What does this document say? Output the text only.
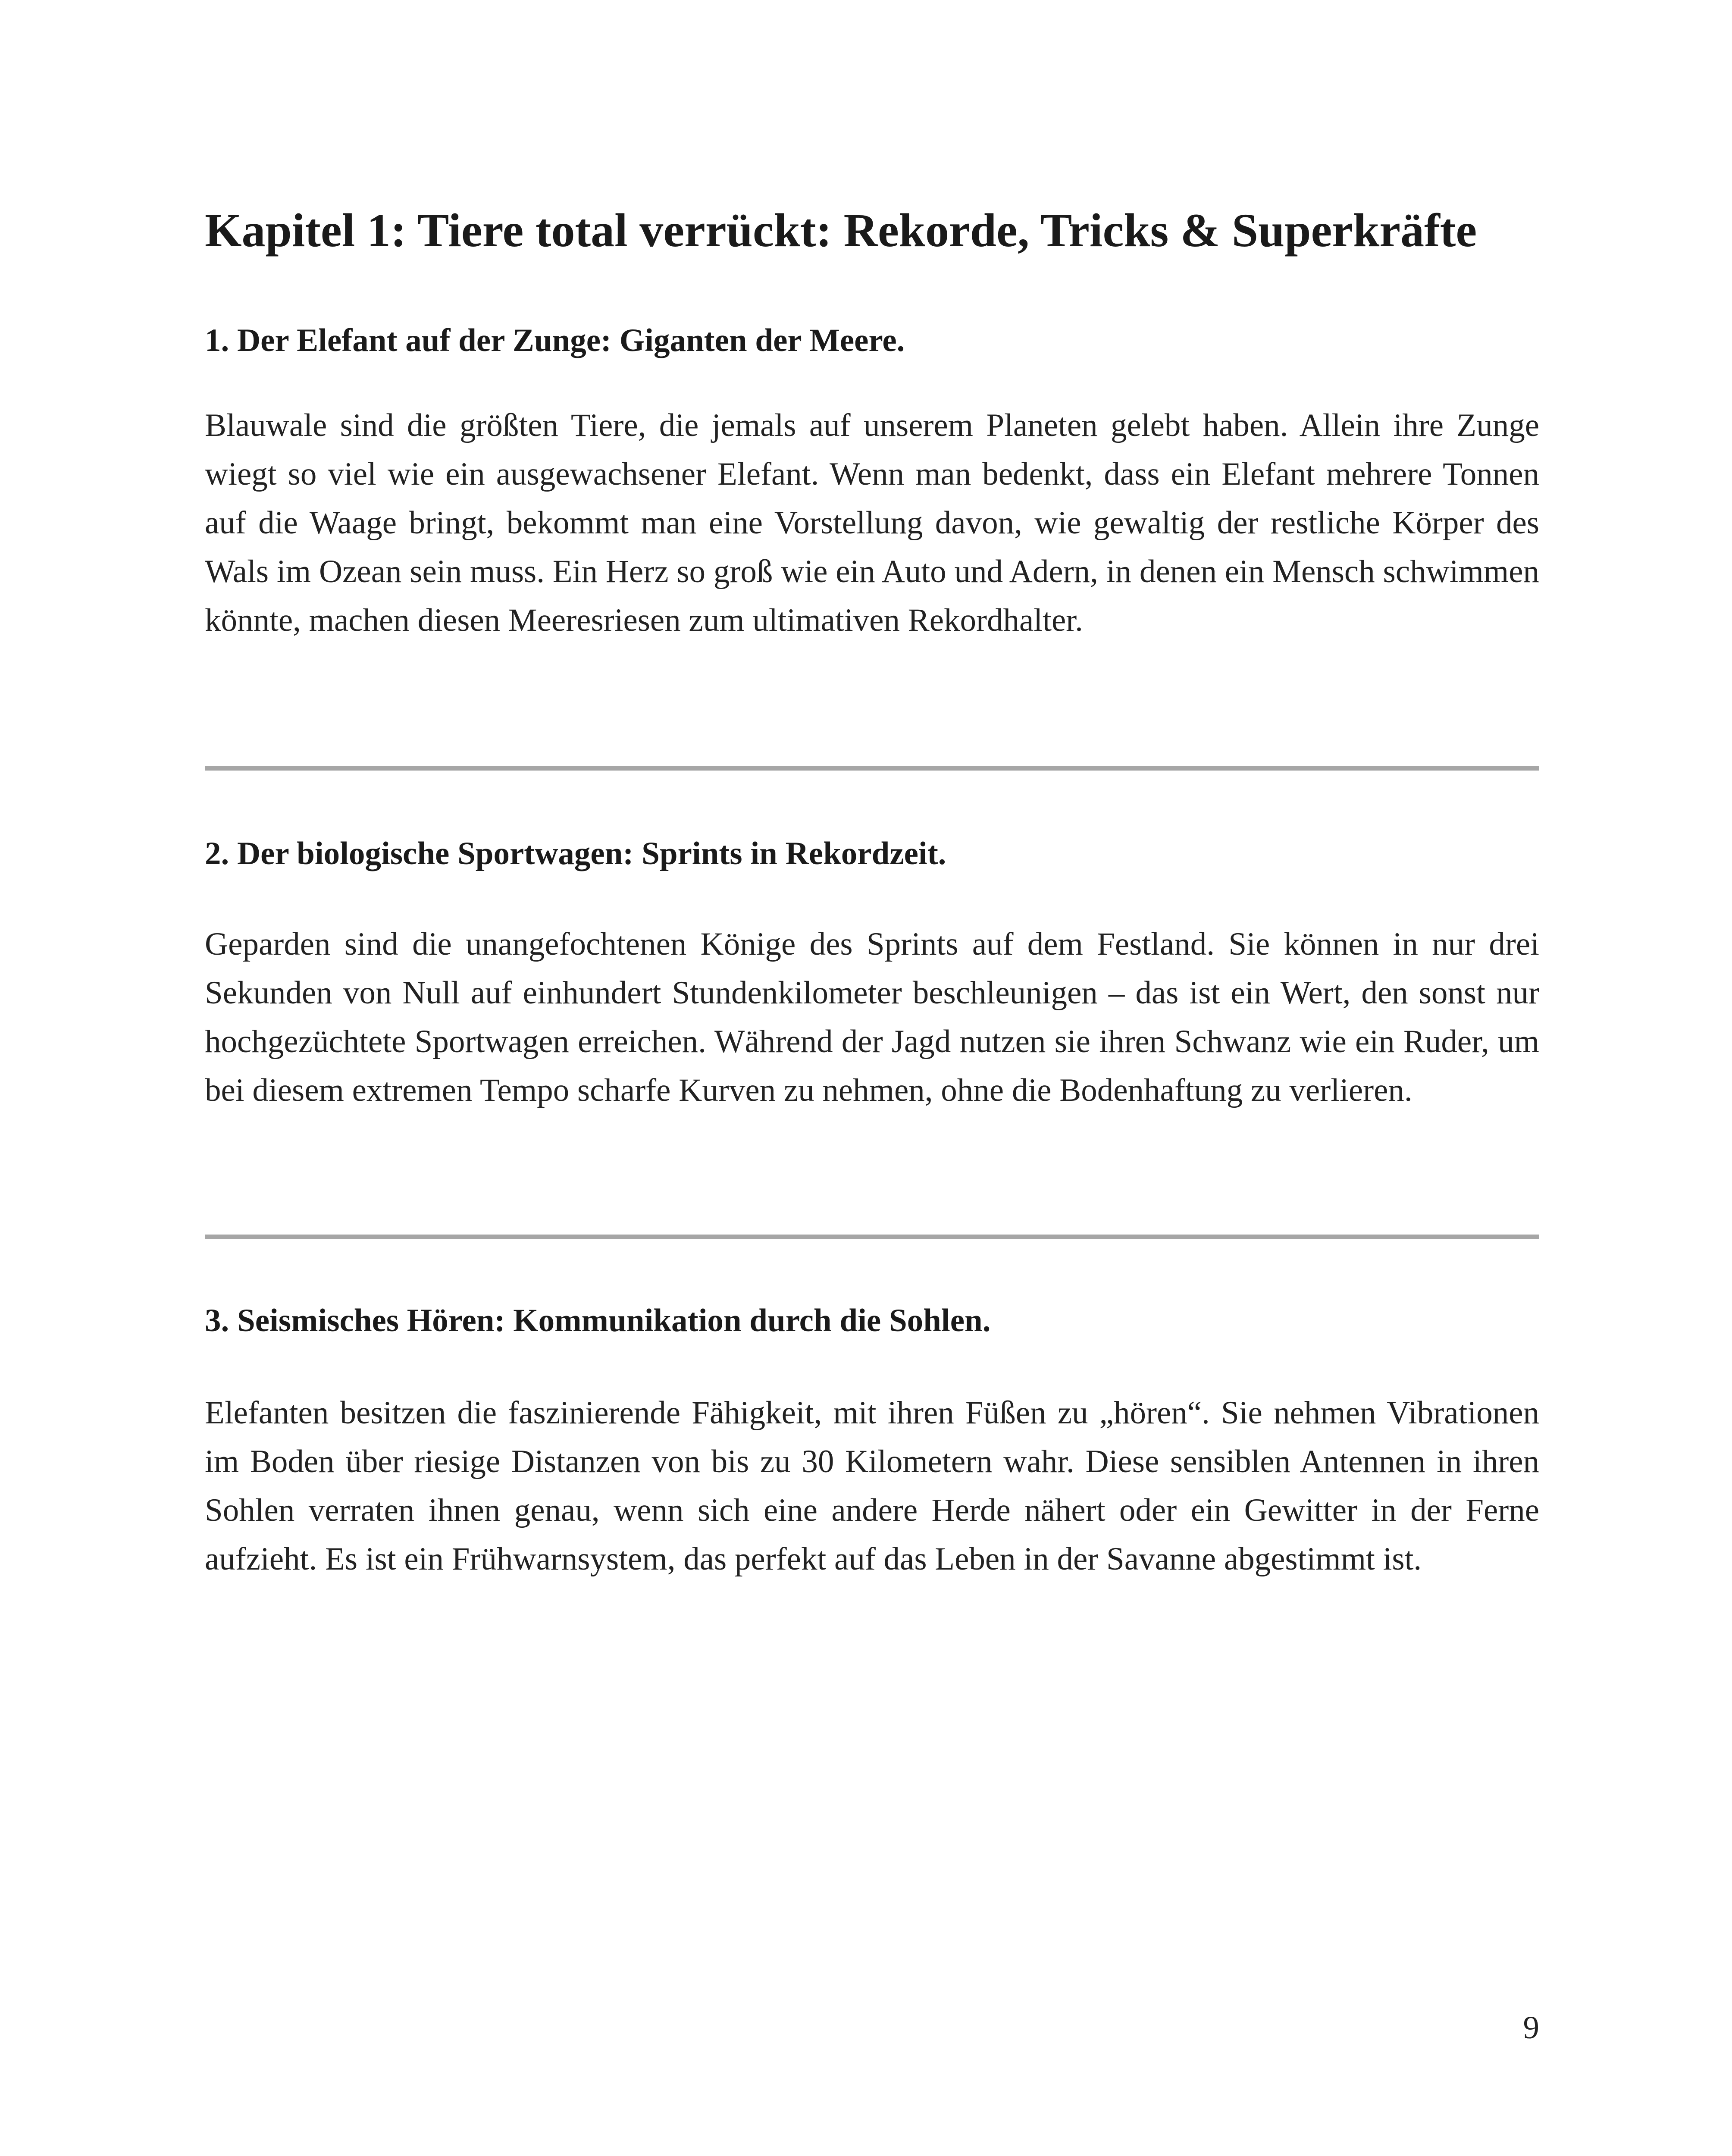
Kapitel 1: Tiere total verrückt: Rekorde, Tricks & Superkräfte
1. Der Elefant auf der Zunge: Giganten der Meere.

Blauwale sind die größten Tiere, die jemals auf unserem Planeten gelebt haben. Allein ihre Zunge wiegt so viel wie ein ausgewachsener Elefant. Wenn man bedenkt, dass ein Elefant mehrere Tonnen auf die Waage bringt, bekommt man eine Vorstellung davon, wie gewaltig der restliche Körper des Wals im Ozean sein muss. Ein Herz so groß wie ein Auto und Adern, in denen ein Mensch schwimmen könnte, machen diesen Meeresriesen zum ultimativen Rekordhalter.

2. Der biologische Sportwagen: Sprints in Rekordzeit.

Geparden sind die unangefochtenen Könige des Sprints auf dem Festland. Sie können in nur drei Sekunden von Null auf einhundert Stundenkilometer beschleunigen – das ist ein Wert, den sonst nur hochgezüchtete Sportwagen erreichen. Während der Jagd nutzen sie ihren Schwanz wie ein Ruder, um bei diesem extremen Tempo scharfe Kurven zu nehmen, ohne die Bodenhaftung zu verlieren.

3. Seismisches Hören: Kommunikation durch die Sohlen.

Elefanten besitzen die faszinierende Fähigkeit, mit ihren Füßen zu „hören“. Sie nehmen Vibrationen im Boden über riesige Distanzen von bis zu 30 Kilometern wahr. Diese sensiblen Antennen in ihren Sohlen verraten ihnen genau, wenn sich eine andere Herde nähert oder ein Gewitter in der Ferne aufzieht. Es ist ein Frühwarnsystem, das perfekt auf das Leben in der Savanne abgestimmt ist.

9
